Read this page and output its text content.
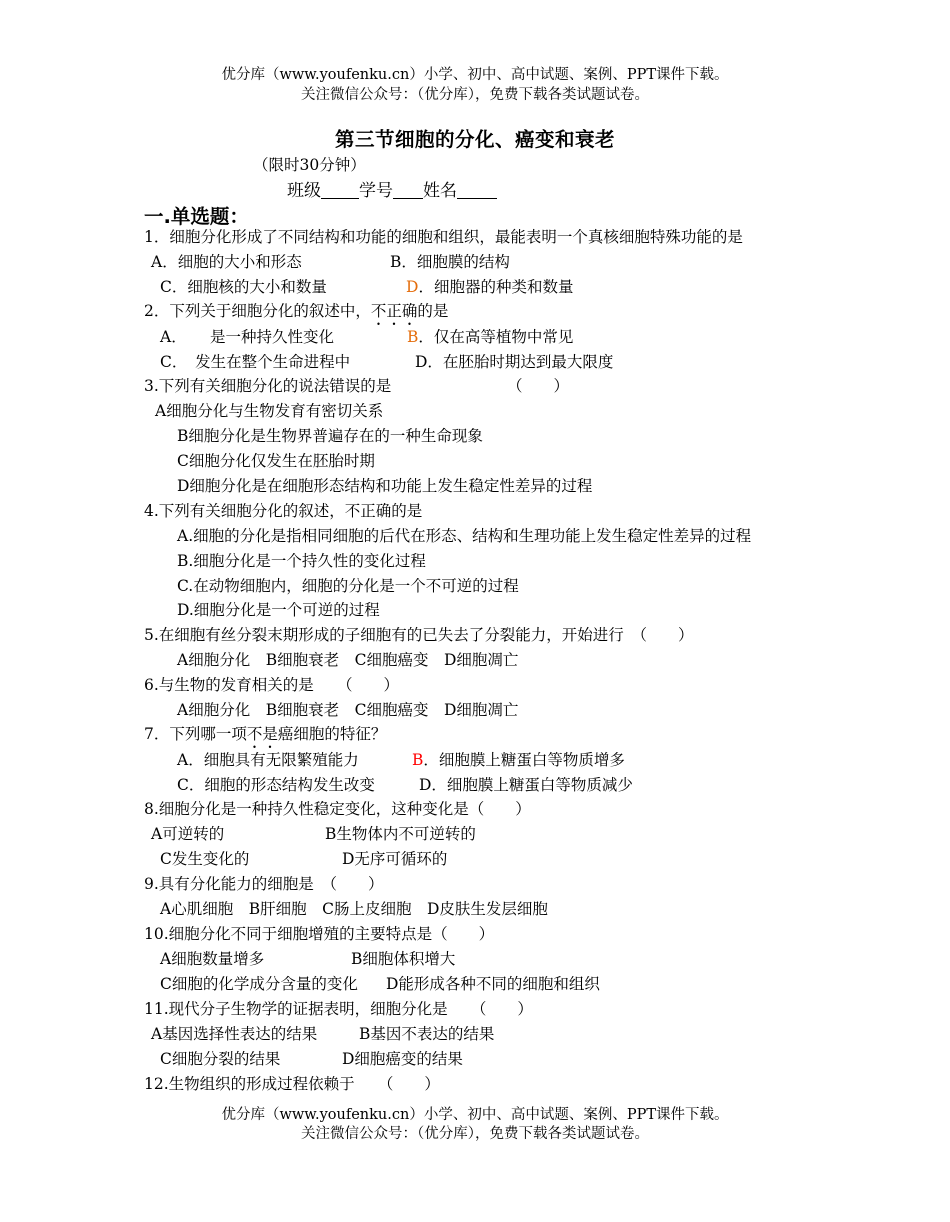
优分库（www.youfenku.cn）小学、初中、高中试题、案例、PPT课件下载。
关注微信公众号：（优分库），免费下载各类试题试卷。
第三节细胞的分化、癌变和衰老
（限时30分钟）
班级 学号 姓名
一.单选题：
1．细胞分化形成了不同结构和功能的细胞和组织，最能表明一个真核细胞特殊功能的是
A．细胞的大小和形态	B．细胞膜的结构
C．细胞核的大小和数量	D．细胞器的种类和数量
2．下列关于细胞分化的叙述中，不正确的是
A．　　是一种持久性变化	B．仅在高等植物中常见
C．　发生在整个生命进程中	D．在胚胎时期达到最大限度
3.下列有关细胞分化的说法错误的是	（　　）
A细胞分化与生物发育有密切关系
B细胞分化是生物界普遍存在的一种生命现象
C细胞分化仅发生在胚胎时期
D细胞分化是在细胞形态结构和功能上发生稳定性差异的过程
4.下列有关细胞分化的叙述，不正确的是
A.细胞的分化是指相同细胞的后代在形态、结构和生理功能上发生稳定性差异的过程
B.细胞分化是一个持久性的变化过程
C.在动物细胞内，细胞的分化是一个不可逆的过程
D.细胞分化是一个可逆的过程
5.在细胞有丝分裂末期形成的子细胞有的已失去了分裂能力，开始进行　（　　）
A细胞分化　B细胞衰老　C细胞癌变　D细胞凋亡
6.与生物的发育相关的是　　（　　）
A细胞分化　B细胞衰老　C细胞癌变　D细胞凋亡
7．下列哪一项不是癌细胞的特征？
A．细胞具有无限繁殖能力	B．细胞膜上糖蛋白等物质增多
C．细胞的形态结构发生改变	D．细胞膜上糖蛋白等物质减少
8.细胞分化是一种持久性稳定变化，这种变化是（　　）
A可逆转的	B生物体内不可逆转的
C发生变化的	D无序可循环的
9.具有分化能力的细胞是　（　　）
A心肌细胞　B肝细胞　C肠上皮细胞　D皮肤生发层细胞
10.细胞分化不同于细胞增殖的主要特点是（　　）
A细胞数量增多	B细胞体积增大
C细胞的化学成分含量的变化 D能形成各种不同的细胞和组织
11.现代分子生物学的证据表明，细胞分化是　　（　　）
A基因选择性表达的结果	B基因不表达的结果
C细胞分裂的结果	D细胞癌变的结果
12.生物组织的形成过程依赖于　　（　　）
优分库（www.youfenku.cn）小学、初中、高中试题、案例、PPT课件下载。
关注微信公众号：（优分库），免费下载各类试题试卷。
